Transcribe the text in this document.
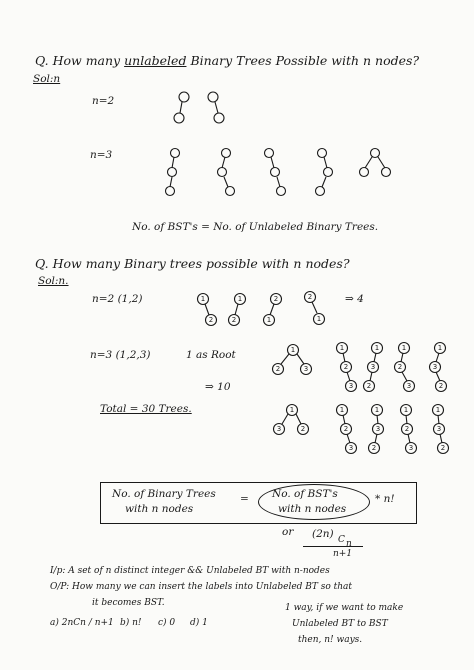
Q. How many unlabeled Binary Trees Possible with n nodes?
Sol:n
n=2
n=3
No. of BST's = No. of Unlabeled Binary Trees.
Q. How many Binary trees possible with n nodes?
Sol:n.
n=2 (1,2)	⇒ 4
n=3 (1,2,3)	1 as Root
⇒ 10
Total = 30 Trees.
No. of Binary Trees
with n nodes
= No. of BST's
with n nodes
* n!
or (2n) C n
n+1
I/p: A set of n distinct integer && Unlabeled BT with n-nodes
O/P: How many we can insert the labels into Unlabeled BT so that
it becomes BST.
a) 2nCn / n+1 b) n! c) 0 d) 1
1 way, if we want to make
Unlabeled BT to BST
then, n! ways.
1
2
1
2
2
1
2
1
1
2	3
1
2
3
1
3
2
1
2
3
1
3
2
1
3	2
1
2
3
1
3
2
1
2
3
1
3
2
